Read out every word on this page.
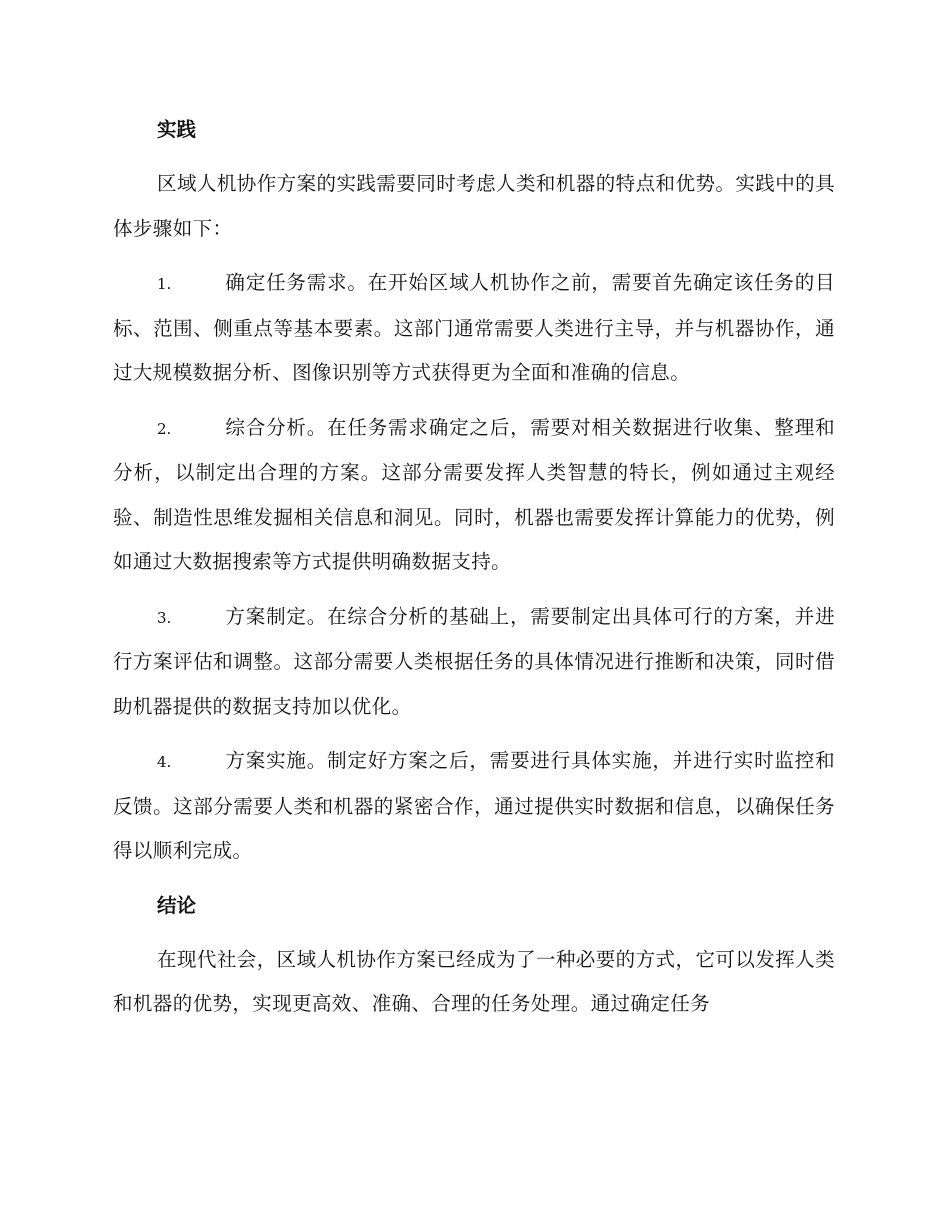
实践
区域人机协作方案的实践需要同时考虑人类和机器的特点和优势。实践中的具体步骤如下：
1.	确定任务需求。在开始区域人机协作之前，需要首先确定该任务的目标、范围、侧重点等基本要素。这部门通常需要人类进行主导，并与机器协作，通过大规模数据分析、图像识别等方式获得更为全面和准确的信息。
2.	综合分析。在任务需求确定之后，需要对相关数据进行收集、整理和分析，以制定出合理的方案。这部分需要发挥人类智慧的特长，例如通过主观经验、制造性思维发掘相关信息和洞见。同时，机器也需要发挥计算能力的优势，例如通过大数据搜索等方式提供明确数据支持。
3.	方案制定。在综合分析的基础上，需要制定出具体可行的方案，并进行方案评估和调整。这部分需要人类根据任务的具体情况进行推断和决策，同时借助机器提供的数据支持加以优化。
4.	方案实施。制定好方案之后，需要进行具体实施，并进行实时监控和反馈。这部分需要人类和机器的紧密合作，通过提供实时数据和信息，以确保任务得以顺利完成。
结论
在现代社会，区域人机协作方案已经成为了一种必要的方式，它可以发挥人类和机器的优势，实现更高效、准确、合理的任务处理。通过确定任务
